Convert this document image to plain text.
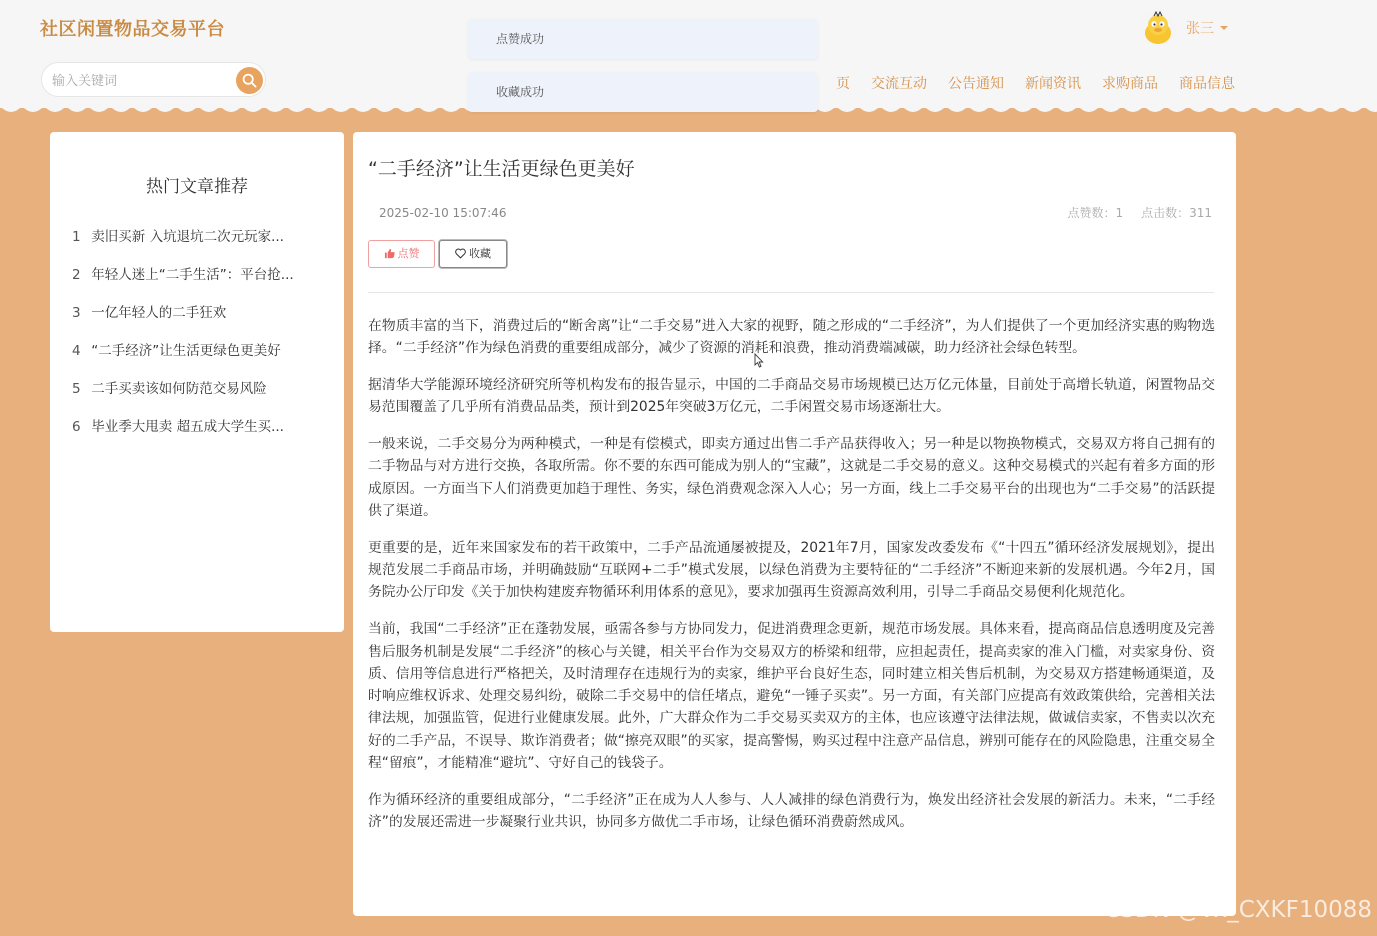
社区闲置物品交易平台
输入关键词
页 交流互动 公告通知 新闻资讯 求购商品 商品信息
张三
点赞成功
收藏成功
热门文章推荐
1 卖旧买新 入坑退坑二次元玩家...
2 年轻人迷上“二手生活”：平台抢...
3 一亿年轻人的二手狂欢
4 “二手经济”让生活更绿色更美好
5 二手买卖该如何防范交易风险
6 毕业季大甩卖 超五成大学生买...
“二手经济”让生活更绿色更美好
2025-02-10 15:07:46	点赞数：1 点击数：311
点赞	收藏

在物质丰富的当下，消费过后的“断舍离”让“二手交易”进入大家的视野，随之形成的“二手经济”，为人们提供了一个更加经济实惠的购物选择。“二手经济”作为绿色消费的重要组成部分，减少了资源的消耗和浪费，推动消费端减碳，助力经济社会绿色转型。

据清华大学能源环境经济研究所等机构发布的报告显示，中国的二手商品交易市场规模已达万亿元体量，目前处于高增长轨道，闲置物品交易范围覆盖了几乎所有消费品品类，预计到2025年突破3万亿元，二手闲置交易市场逐渐壮大。

一般来说，二手交易分为两种模式，一种是有偿模式，即卖方通过出售二手产品获得收入；另一种是以物换物模式，交易双方将自己拥有的二手物品与对方进行交换，各取所需。你不要的东西可能成为别人的“宝藏”，这就是二手交易的意义。这种交易模式的兴起有着多方面的形成原因。一方面当下人们消费更加趋于理性、务实，绿色消费观念深入人心；另一方面，线上二手交易平台的出现也为“二手交易”的活跃提供了渠道。

更重要的是，近年来国家发布的若干政策中，二手产品流通屡被提及，2021年7月，国家发改委发布《“十四五”循环经济发展规划》，提出规范发展二手商品市场，并明确鼓励“互联网+二手”模式发展，以绿色消费为主要特征的“二手经济”不断迎来新的发展机遇。今年2月，国务院办公厅印发《关于加快构建废弃物循环利用体系的意见》，要求加强再生资源高效利用，引导二手商品交易便利化规范化。

当前，我国“二手经济”正在蓬勃发展，亟需各参与方协同发力，促进消费理念更新，规范市场发展。具体来看，提高商品信息透明度及完善售后服务机制是发展“二手经济”的核心与关键，相关平台作为交易双方的桥梁和纽带，应担起责任，提高卖家的准入门槛，对卖家身份、资质、信用等信息进行严格把关，及时清理存在违规行为的卖家，维护平台良好生态，同时建立相关售后机制，为交易双方搭建畅通渠道，及时响应维权诉求、处理交易纠纷，破除二手交易中的信任堵点，避免“一锤子买卖”。另一方面，有关部门应提高有效政策供给，完善相关法律法规，加强监管，促进行业健康发展。此外，广大群众作为二手交易买卖双方的主体，也应该遵守法律法规，做诚信卖家，不售卖以次充好的二手产品，不误导、欺诈消费者；做“擦亮双眼”的买家，提高警惕，购买过程中注意产品信息，辨别可能存在的风险隐患，注重交易全程“留痕”，才能精准“避坑”、守好自己的钱袋子。

作为循环经济的重要组成部分，“二手经济”正在成为人人参与、人人减排的绿色消费行为，焕发出经济社会发展的新活力。未来，“二手经济”的发展还需进一步凝聚行业共识，协同多方做优二手市场，让绿色循环消费蔚然成风。

CSDN @vx_CXKF10088
